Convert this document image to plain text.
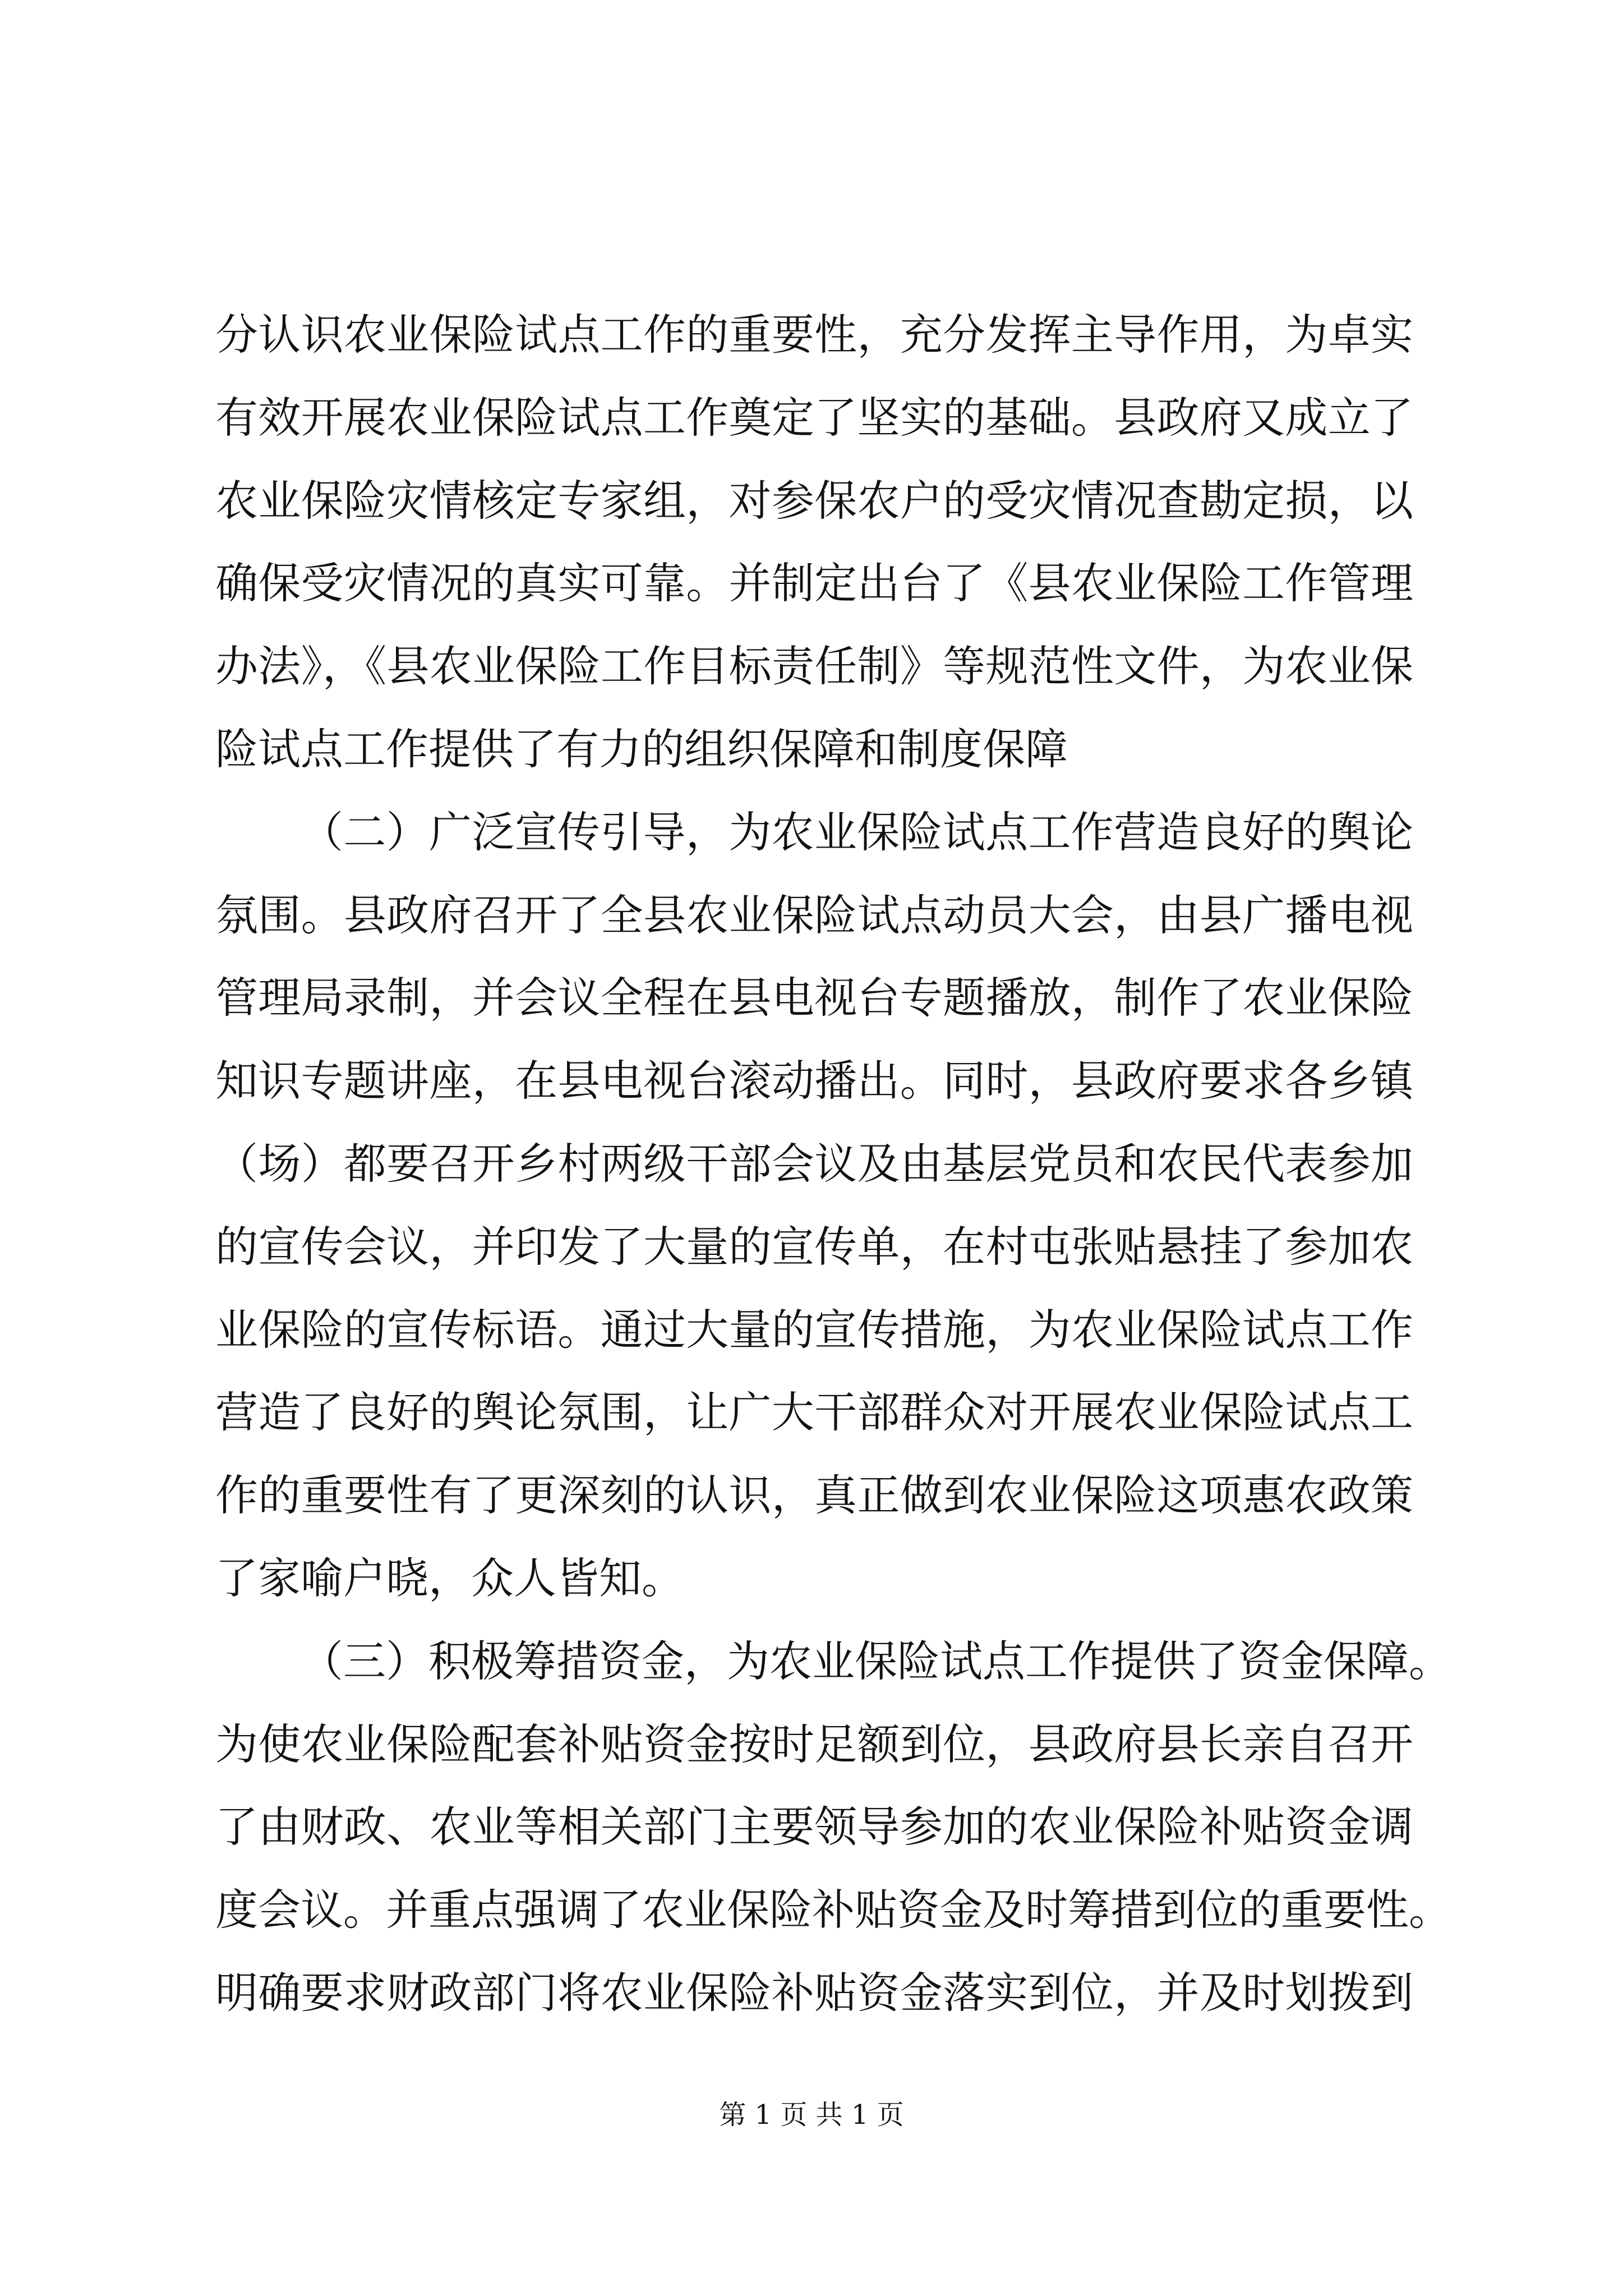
分认识农业保险试点工作的重要性，充分发挥主导作用，为卓实
有效开展农业保险试点工作奠定了坚实的基础。县政府又成立了
农业保险灾情核定专家组，对参保农户的受灾情况查勘定损，以
确保受灾情况的真实可靠。并制定出台了《县农业保险工作管理
办法》，《县农业保险工作目标责任制》等规范性文件，为农业保
险试点工作提供了有力的组织保障和制度保障
（二）广泛宣传引导，为农业保险试点工作营造良好的舆论
氛围。县政府召开了全县农业保险试点动员大会，由县广播电视
管理局录制，并会议全程在县电视台专题播放，制作了农业保险
知识专题讲座，在县电视台滚动播出。同时，县政府要求各乡镇
（场）都要召开乡村两级干部会议及由基层党员和农民代表参加
的宣传会议，并印发了大量的宣传单，在村屯张贴悬挂了参加农
业保险的宣传标语。通过大量的宣传措施，为农业保险试点工作
营造了良好的舆论氛围，让广大干部群众对开展农业保险试点工
作的重要性有了更深刻的认识，真正做到农业保险这项惠农政策
了家喻户晓，众人皆知。
（三）积极筹措资金，为农业保险试点工作提供了资金保障。
为使农业保险配套补贴资金按时足额到位，县政府县长亲自召开
了由财政、农业等相关部门主要领导参加的农业保险补贴资金调
度会议。并重点强调了农业保险补贴资金及时筹措到位的重要性。
明确要求财政部门将农业保险补贴资金落实到位，并及时划拨到
第 1 页 共 1 页
